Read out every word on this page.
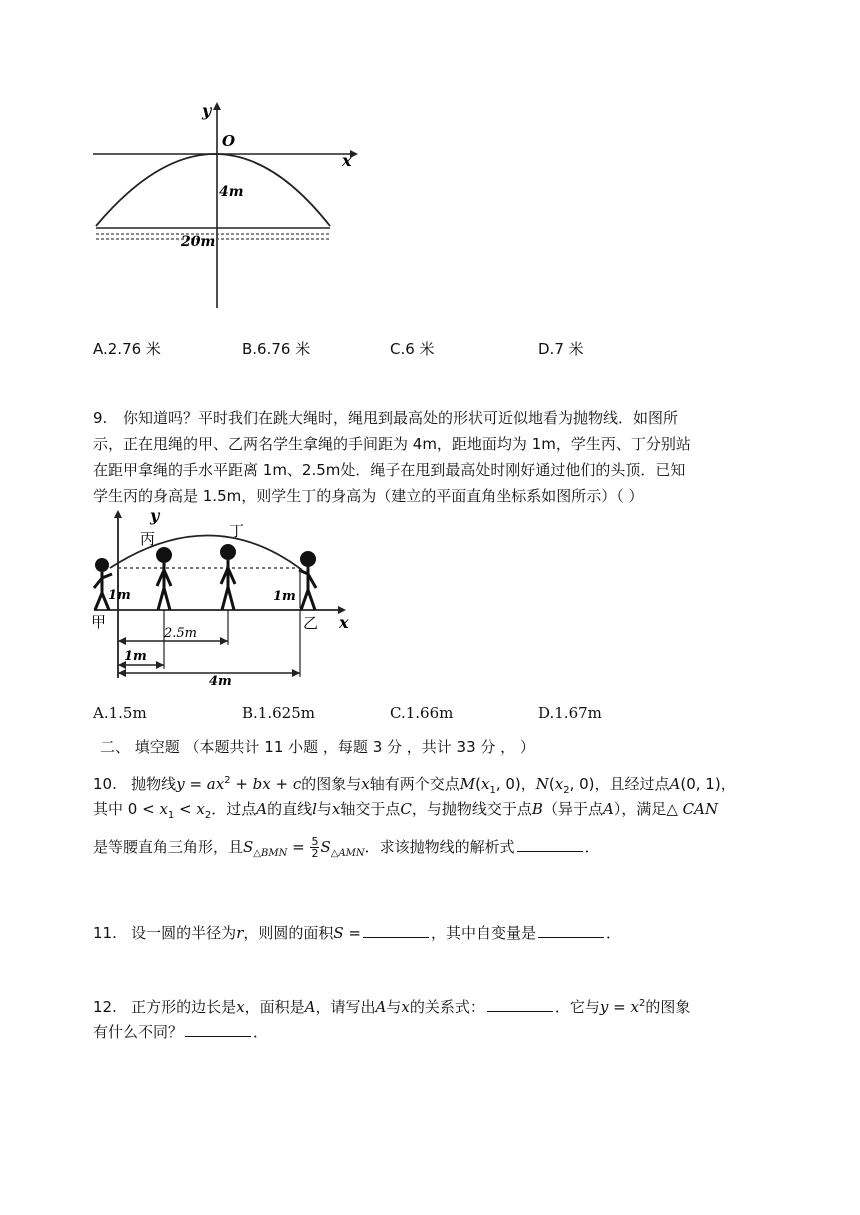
y
O
x
4m
20m
A.2.76 米	B.6.76 米	C.6 米	D.7 米
9. 你知道吗？平时我们在跳大绳时，绳甩到最高处的形状可近似地看为抛物线．如图所
示，正在甩绳的甲、乙两名学生拿绳的手间距为 4m，距地面均为 1m，学生丙、丁分别站
在距甲拿绳的手水平距离 1m、2.5m处．绳子在甩到最高处时刚好通过他们的头顶．已知
学生丙的身高是 1.5m，则学生丁的身高为（建立的平面直角坐标系如图所示）（ ）
y
丙	丁
甲	乙 x
1m	1m
2.5m
1m
4m
A.1.5m	B.1.625m	C.1.66m	D.1.67m
二、 填空题 （本题共计 11 小题 ，每题 3 分 ，共计 33 分 ， ）
10. 抛物线$y = ax^2$ + bx + c的图象与x轴有两个交点$M(x_1$, 0)，$N(x_2$, 0)，且经过点A(0, 1)，
其中 $0 < x_1 < x_2$．过点A的直线l与x轴交于点C，与抛物线交于点B（异于点A），满足△ CAN
是等腰直角三角形，且$S_{\triangle BMN} = \frac{5}{2} S_{\triangle AMN}$．求该抛物线的解析式	．
11. 设一圆的半径为r，则圆的面积S =	，其中自变量是	．
12. 正方形的边长是x，面积是A，请写出A与x的关系式：	．它与$y = x^2$的图象
有什么不同？	．
